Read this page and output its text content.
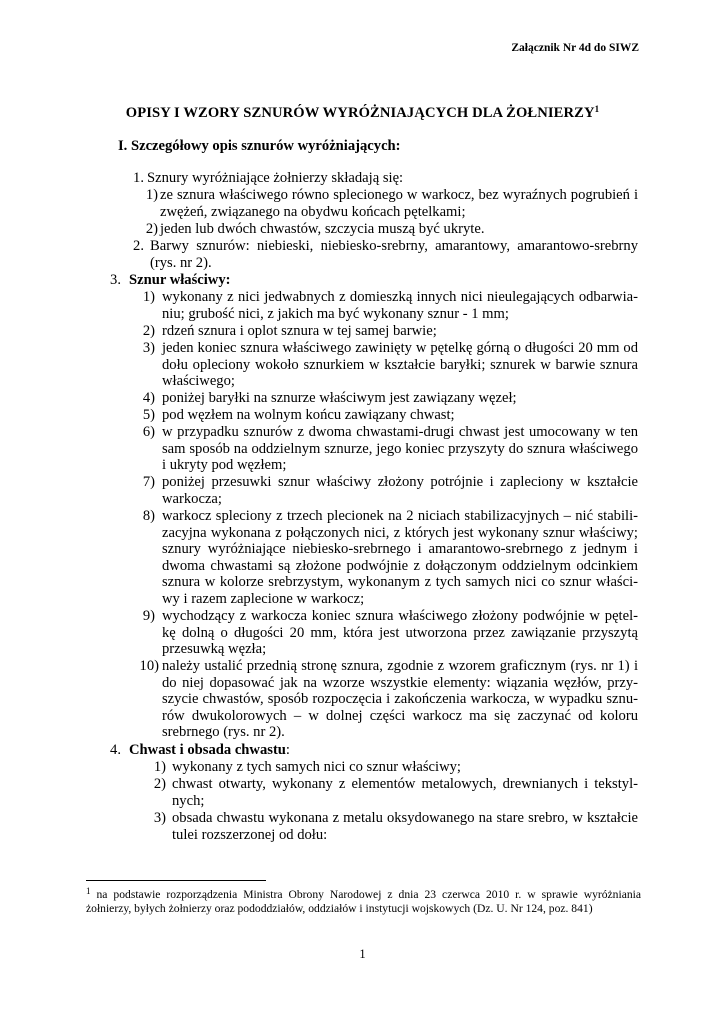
Załącznik Nr 4d do SIWZ
OPISY I WZORY SZNURÓW WYRÓŻNIAJĄCYCH DLA ŻOŁNIERZY$^1$
I. Szczegółowy opis sznurów wyróżniających:
1. Sznury wyróżniające żołnierzy składają się:
1) ze sznura właściwego równo splecionego w warkocz, bez wyraźnych pogrubień i zwężeń, związanego na obydwu końcach pętelkami;
2) jeden lub dwóch chwastów, szczycia muszą być ukryte.
2. Barwy sznurów: niebieski, niebiesko-srebrny, amarantowy, amarantowo-srebrny (rys. nr 2).
3. Sznur właściwy:
1) wykonany z nici jedwabnych z domieszką innych nici nieulegających odbarwia-niu; grubość nici, z jakich ma być wykonany sznur - 1 mm;
2) rdzeń sznura i oplot sznura w tej samej barwie;
3) jeden koniec sznura właściwego zawinięty w pętelkę górną o długości 20 mm od dołu opleciony wokoło sznurkiem w kształcie baryłki; sznurek w barwie sznura właściwego;
4) poniżej baryłki na sznurze właściwym jest zawiązany węzeł;
5) pod węzłem na wolnym końcu zawiązany chwast;
6) w przypadku sznurów z dwoma chwastami-drugi chwast jest umocowany w ten sam sposób na oddzielnym sznurze, jego koniec przyszyty do sznura właściwego i ukryty pod węzłem;
7) poniżej przesuwki sznur właściwy złożony potrójnie i zapleciony w kształcie warkocza;
8) warkocz spleciony z trzech plecionek na 2 niciach stabilizacyjnych – nić stabili-zacyjna wykonana z połączonych nici, z których jest wykonany sznur właściwy; sznury wyróżniające niebiesko-srebrnego i amarantowo-srebrnego z jednym i dwoma chwastami są złożone podwójnie z dołączonym oddzielnym odcinkiem sznura w kolorze srebrzystym, wykonanym z tych samych nici co sznur właści-wy i razem zaplecione w warkocz;
9) wychodzący z warkocza koniec sznura właściwego złożony podwójnie w pętel-kę dolną o długości 20 mm, która jest utworzona przez zawiązanie przyszytą przesuwką węzła;
10) należy ustalić przednią stronę sznura, zgodnie z wzorem graficznym (rys. nr 1) i do niej dopasować jak na wzorze wszystkie elementy: wiązania węzłów, przy-szycie chwastów, sposób rozpoczęcia i zakończenia warkocza, w wypadku sznu-rów dwukolorowych – w dolnej części warkocz ma się zaczynać od koloru srebrnego (rys. nr 2).
4. Chwast i obsada chwastu:
1) wykonany z tych samych nici co sznur właściwy;
2) chwast otwarty, wykonany z elementów metalowych, drewnianych i tekstyl-nych;
3) obsada chwastu wykonana z metalu oksydowanego na stare srebro, w kształcie tulei rozszerzonej od dołu:
$^1$ na podstawie rozporządzenia Ministra Obrony Narodowej z dnia 23 czerwca 2010 r. w sprawie wyróżniania żołnierzy, byłych żołnierzy oraz pododdziałów, oddziałów i instytucji wojskowych (Dz. U. Nr 124, poz. 841)
1
